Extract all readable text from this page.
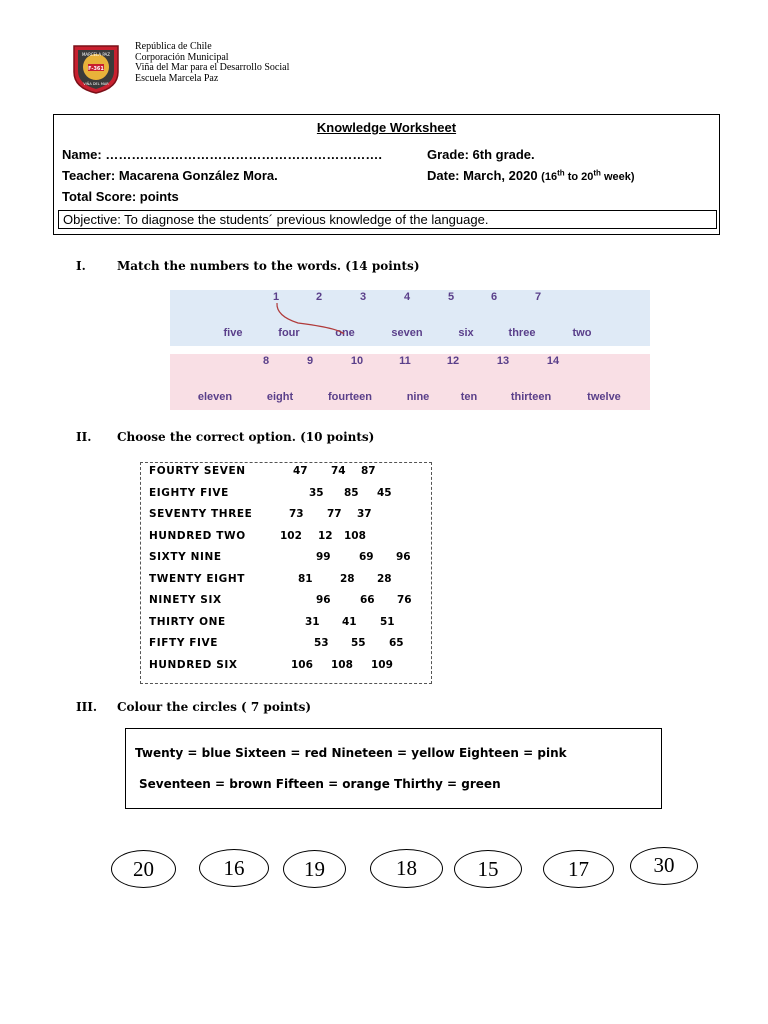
MARCELA PAZ
F-361
VIÑA DEL MAR
República de Chile
Corporación Municipal
Viña del Mar para el Desarrollo Social
Escuela Marcela Paz
Knowledge Worksheet
Name: ……………………………………………………….	Grade: 6th grade.
Teacher: Macarena González Mora.	Date: March, 2020 (16th to 20th week)
Total Score: points
Objective: To diagnose the students´ previous knowledge of the language.
I.	Match the numbers to the words. (14 points)
1	2	3	4	5	6	7
five	four	one	seven	six	three	two
8	9	10	11	12	13	14
eleven	eight	fourteen	nine	ten	thirteen	twelve
II. Choose the correct option. (10 points)
FOURTY SEVEN	47 74 87
EIGHTY FIVE	35 85 45
SEVENTY THREE	73 77 37
HUNDRED TWO	102 12 108
SIXTY NINE	99	69 96
TWENTY EIGHT	81	28 28
NINETY SIX	96	66 76
THIRTY ONE	31 41 51
FIFTY FIVE	53 55 65
HUNDRED SIX	106 108 109
III. Colour the circles ( 7 points)
Twenty = blue Sixteen = red Nineteen = yellow Eighteen = pink
Seventeen = brown Fifteen = orange Thirthy = green
20	16	19	18	15	17	30
